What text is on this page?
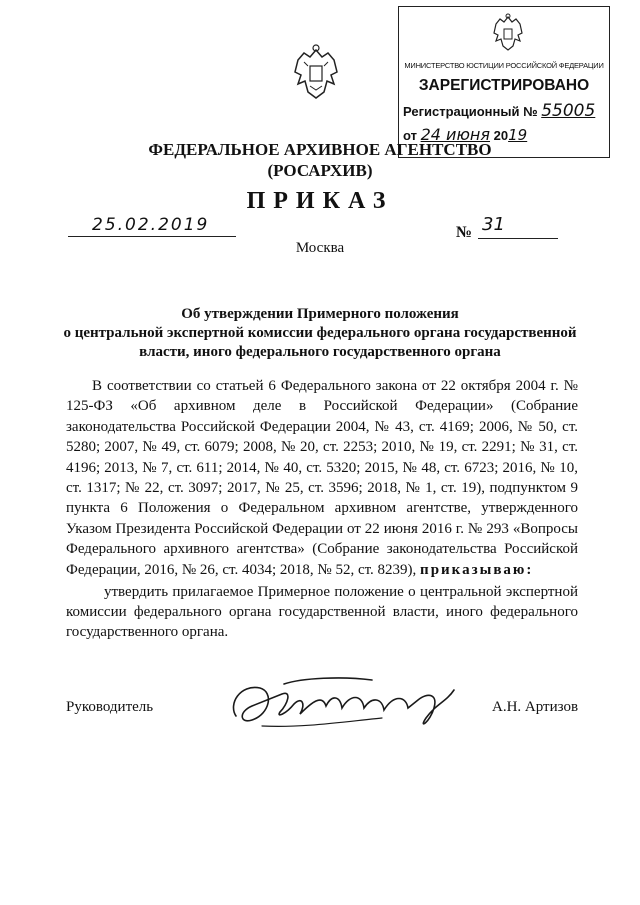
МИНИСТЕРСТВО ЮСТИЦИИ РОССИЙСКОЙ ФЕДЕРАЦИИ
ЗАРЕГИСТРИРОВАНО
Регистрационный № 55005
от 24 июня 2019
ФЕДЕРАЛЬНОЕ АРХИВНОЕ АГЕНТСТВО
(РОСАРХИВ)
ПРИКАЗ
25.02.2019	№ 31
Москва
Об утверждении Примерного положения
о центральной экспертной комиссии федерального органа государственной
власти, иного федерального государственного органа
В соответствии со статьей 6 Федерального закона от 22 октября 2004 г. № 125-ФЗ «Об архивном деле в Российской Федерации» (Собрание законодательства Российской Федерации 2004, № 43, ст. 4169; 2006, № 50, ст. 5280; 2007, № 49, ст. 6079; 2008, № 20, ст. 2253; 2010, № 19, ст. 2291; № 31, ст. 4196; 2013, № 7, ст. 611; 2014, № 40, ст. 5320; 2015, № 48, ст. 6723; 2016, № 10, ст. 1317; № 22, ст. 3097; 2017, № 25, ст. 3596; 2018, № 1, ст. 19), подпунктом 9 пункта 6 Положения о Федеральном архивном агентстве, утвержденного Указом Президента Российской Федерации от 22 июня 2016 г. № 293 «Вопросы Федерального архивного агентства» (Собрание законодательства Российской Федерации, 2016, № 26, ст. 4034; 2018, № 52, ст. 8239), приказываю:
утвердить прилагаемое Примерное положение о центральной экспертной комиссии федерального органа государственной власти, иного федерального государственного органа.
Руководитель	А.Н. Артизов
